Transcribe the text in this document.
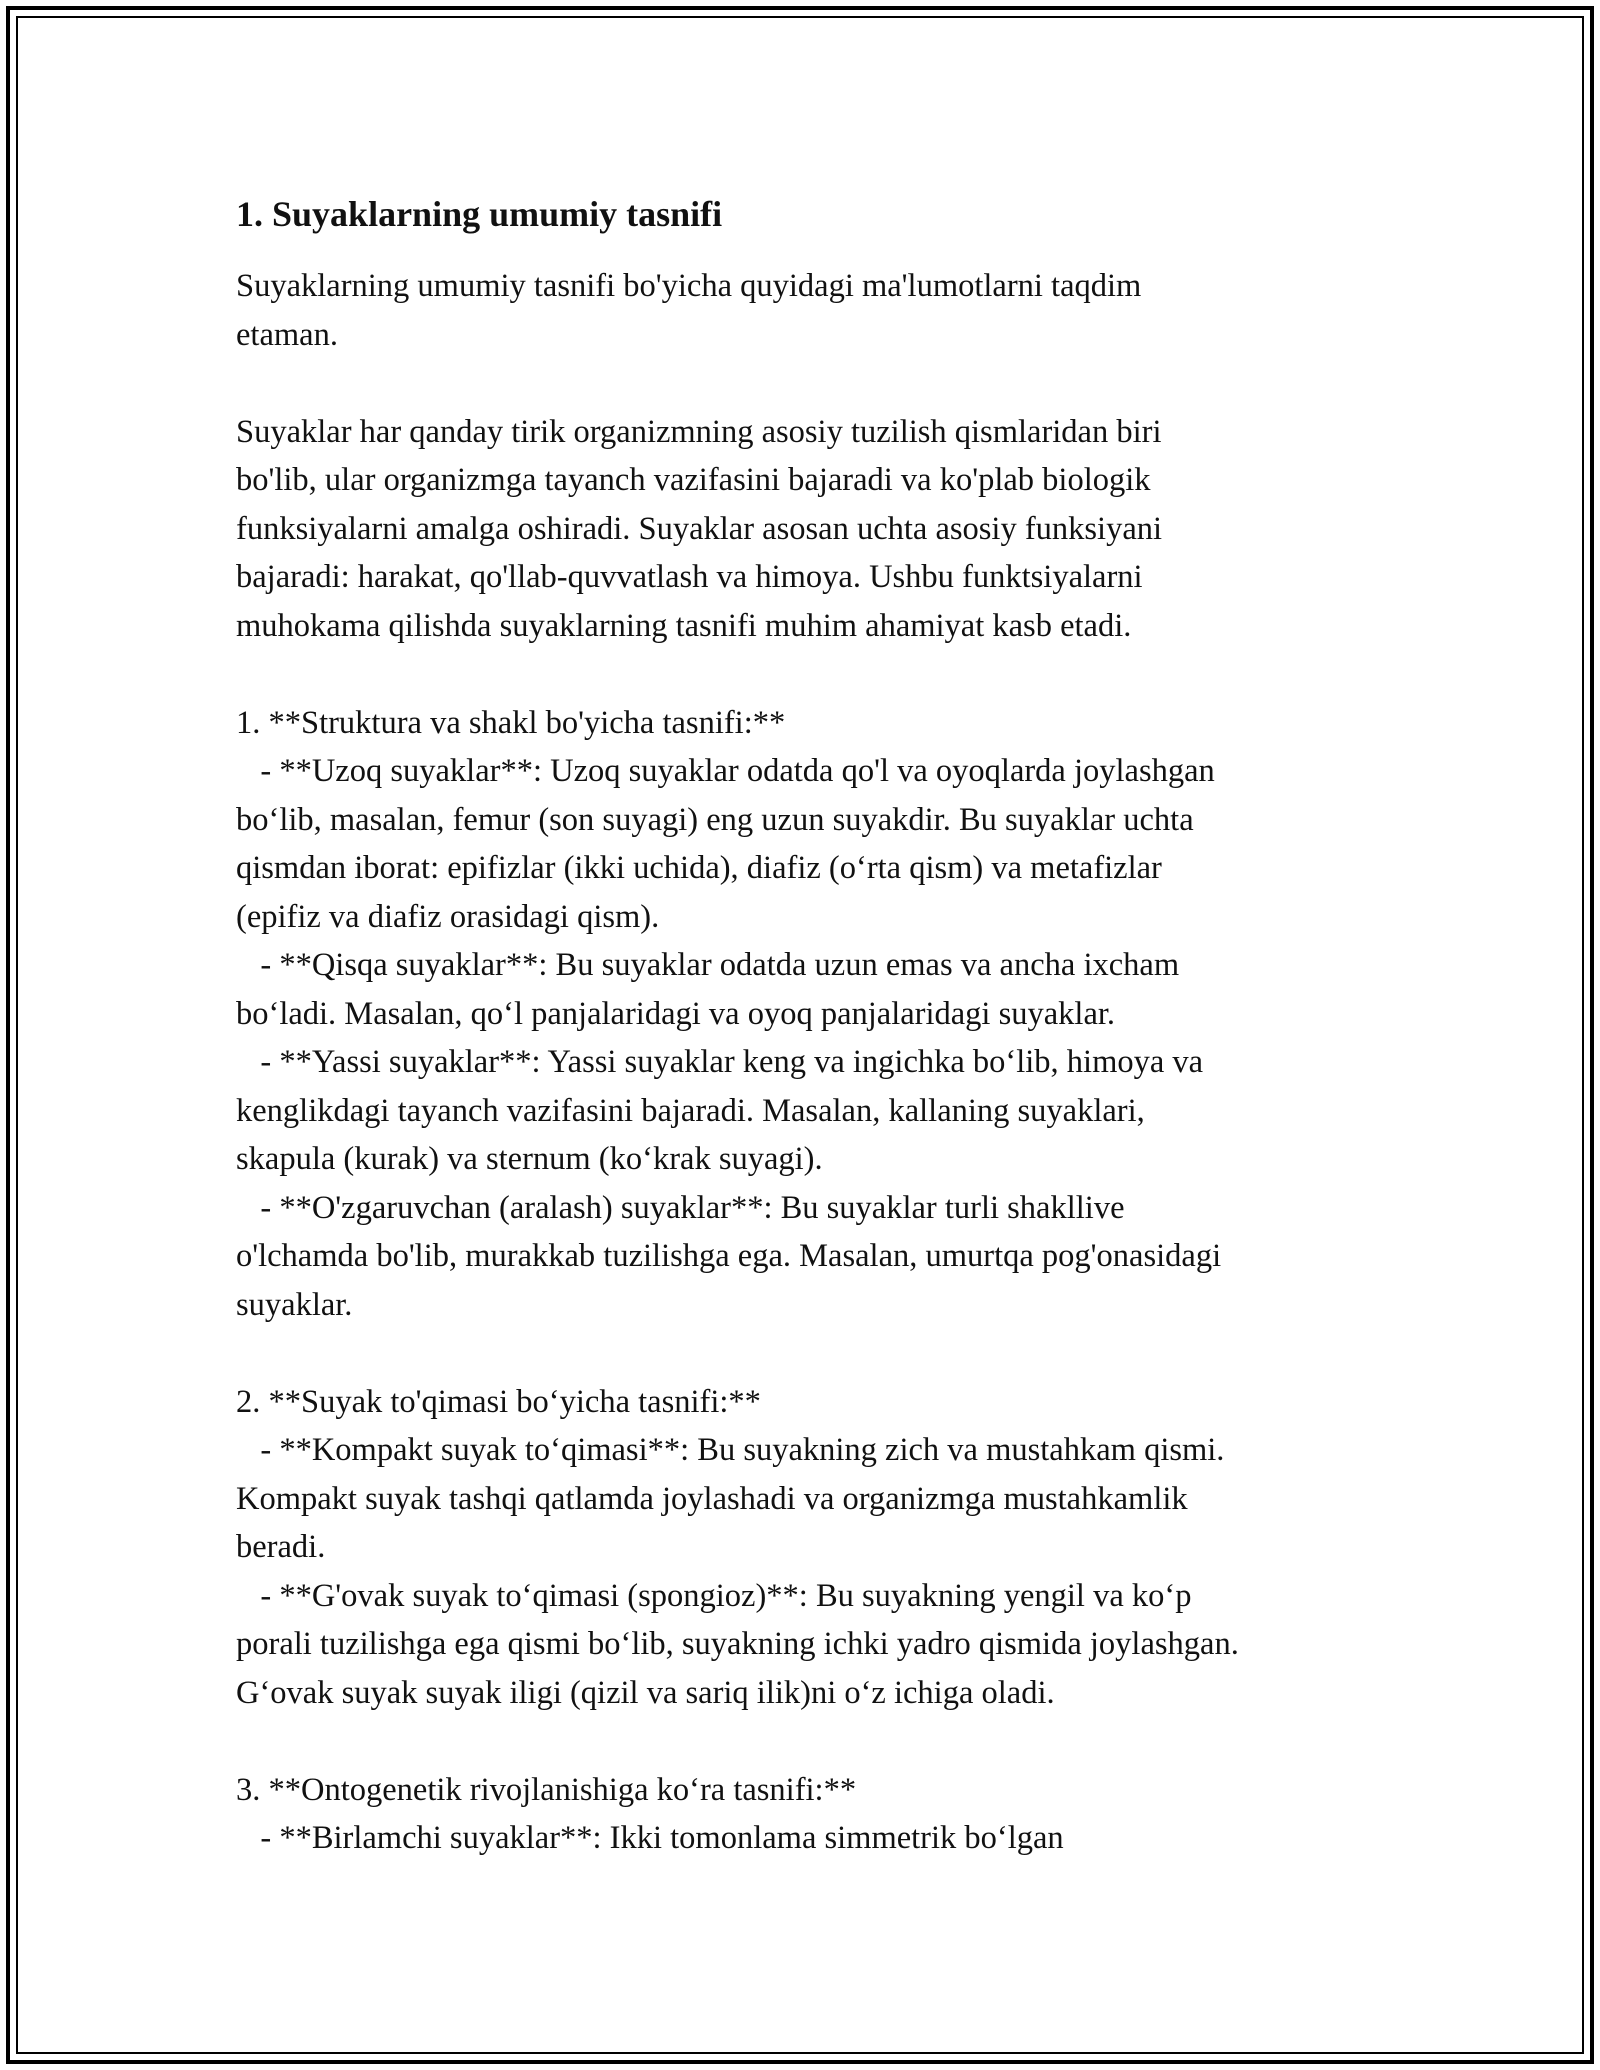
1. Suyaklarning umumiy tasnifi

Suyaklarning umumiy tasnifi bo'yicha quyidagi ma'lumotlarni taqdim
etaman.

Suyaklar har qanday tirik organizmning asosiy tuzilish qismlaridan biri
bo'lib, ular organizmga tayanch vazifasini bajaradi va ko'plab biologik
funksiyalarni amalga oshiradi. Suyaklar asosan uchta asosiy funksiyani
bajaradi: harakat, qo'llab-quvvatlash va himoya. Ushbu funktsiyalarni
muhokama qilishda suyaklarning tasnifi muhim ahamiyat kasb etadi.

1. **Struktura va shakl bo'yicha tasnifi:**
- **Uzoq suyaklar**: Uzoq suyaklar odatda qo'l va oyoqlarda joylashgan
bo‘lib, masalan, femur (son suyagi) eng uzun suyakdir. Bu suyaklar uchta
qismdan iborat: epifizlar (ikki uchida), diafiz (o‘rta qism) va metafizlar
(epifiz va diafiz orasidagi qism).
- **Qisqa suyaklar**: Bu suyaklar odatda uzun emas va ancha ixcham
bo‘ladi. Masalan, qo‘l panjalaridagi va oyoq panjalaridagi suyaklar.
- **Yassi suyaklar**: Yassi suyaklar keng va ingichka bo‘lib, himoya va
kenglikdagi tayanch vazifasini bajaradi. Masalan, kallaning suyaklari,
skapula (kurak) va sternum (ko‘krak suyagi).
- **O'zgaruvchan (aralash) suyaklar**: Bu suyaklar turli shakllive
o'lchamda bo'lib, murakkab tuzilishga ega. Masalan, umurtqa pog'onasidagi
suyaklar.

2. **Suyak to'qimasi bo‘yicha tasnifi:**
- **Kompakt suyak to‘qimasi**: Bu suyakning zich va mustahkam qismi.
Kompakt suyak tashqi qatlamda joylashadi va organizmga mustahkamlik
beradi.
- **G'ovak suyak to‘qimasi (spongioz)**: Bu suyakning yengil va ko‘p
porali tuzilishga ega qismi bo‘lib, suyakning ichki yadro qismida joylashgan.
G‘ovak suyak suyak iligi (qizil va sariq ilik)ni o‘z ichiga oladi.

3. **Ontogenetik rivojlanishiga ko‘ra tasnifi:**
- **Birlamchi suyaklar**: Ikki tomonlama simmetrik bo‘lgan
